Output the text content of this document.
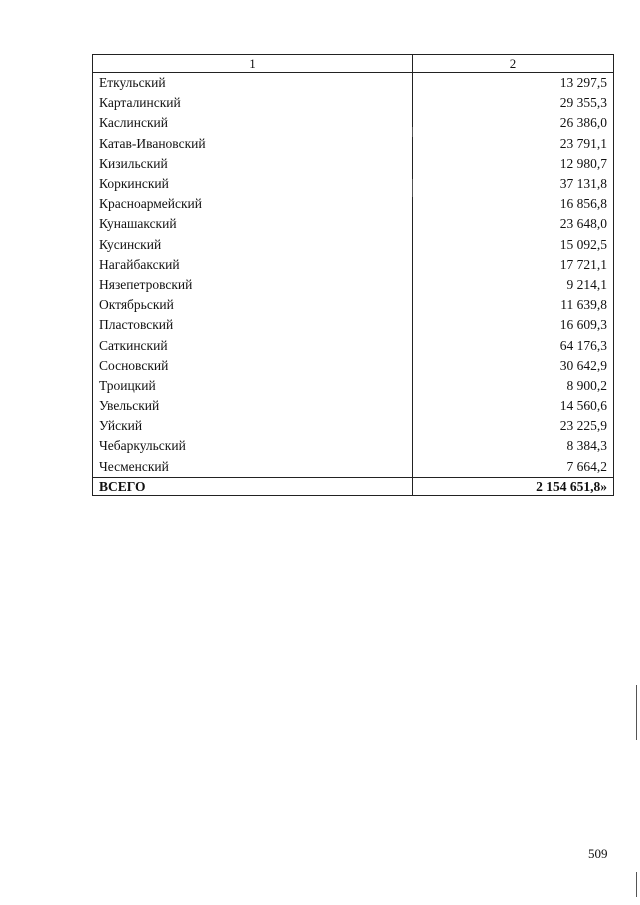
1	2
Еткульский	13 297,5
Карталинский	29 355,3
Каслинский	26 386,0
Катав-Ивановский	23 791,1
Кизильский	12 980,7
Коркинский	37 131,8
Красноармейский	16 856,8
Кунашакский	23 648,0
Кусинский	15 092,5
Нагайбакский	17 721,1
Нязепетровский	9 214,1
Октябрьский	11 639,8
Пластовский	16 609,3
Саткинский	64 176,3
Сосновский	30 642,9
Троицкий	8 900,2
Увельский	14 560,6
Уйский	23 225,9
Чебаркульский	8 384,3
Чесменский	7 664,2
ВСЕГО	2 154 651,8»
509
